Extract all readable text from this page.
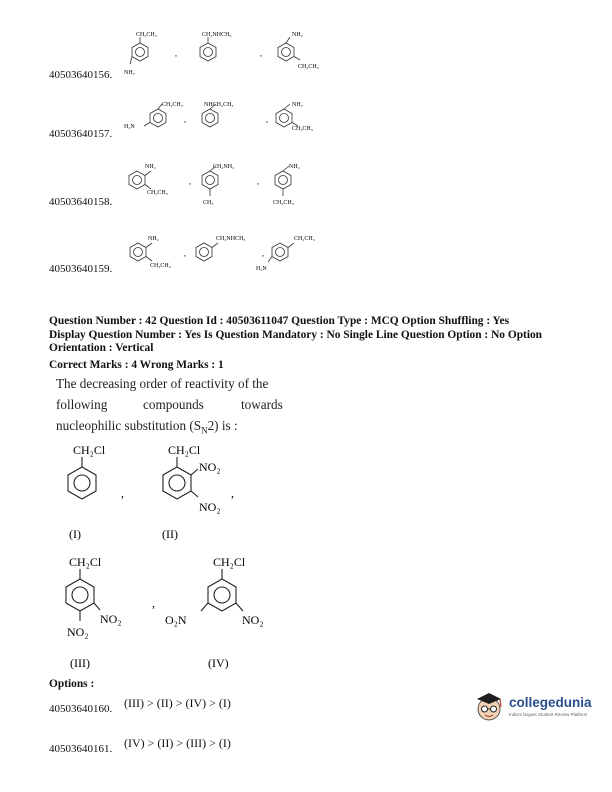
40503640156.
CH₂CH₃
NH₂
,
CH₂NHCH₃
,
NH₂
CH₂CH₃
40503640157.
CH₂CH₃
H₂N
,
NHCH₂CH₃
,
NH₂
CH₂CH₃
40503640158.
NH₂
CH₂CH₃
,
CH₂NH₂
CH₃
,
NH₂
CH₂CH₃
40503640159.
NH₂
CH₂CH₃
,
CH₂NHCH₃
H₂N
,
CH₂CH₃
Question Number : 42 Question Id : 40503611047 Question Type : MCQ Option Shuffling : Yes
Display Question Number : Yes Is Question Mandatory : No Single Line Question Option : No Option
Orientation : Vertical
Correct Marks : 4 Wrong Marks : 1
The decreasing order of reactivity of the
following	compounds	towards
nucleophilic substitution $(S_N2)$ is :
CH₂Cl
,
CH₂Cl
NO₂
NO₂
,
(I)	(II)
CH₂Cl
NO₂
NO₂
,
CH₂Cl
O₂N	NO₂
(III)	(IV)
Options :
40503640160. (III) > (II) > (IV) > (I)
40503640161. (IV) > (II) > (III) > (I)
collegedunia
India's largest Student Review Platform
